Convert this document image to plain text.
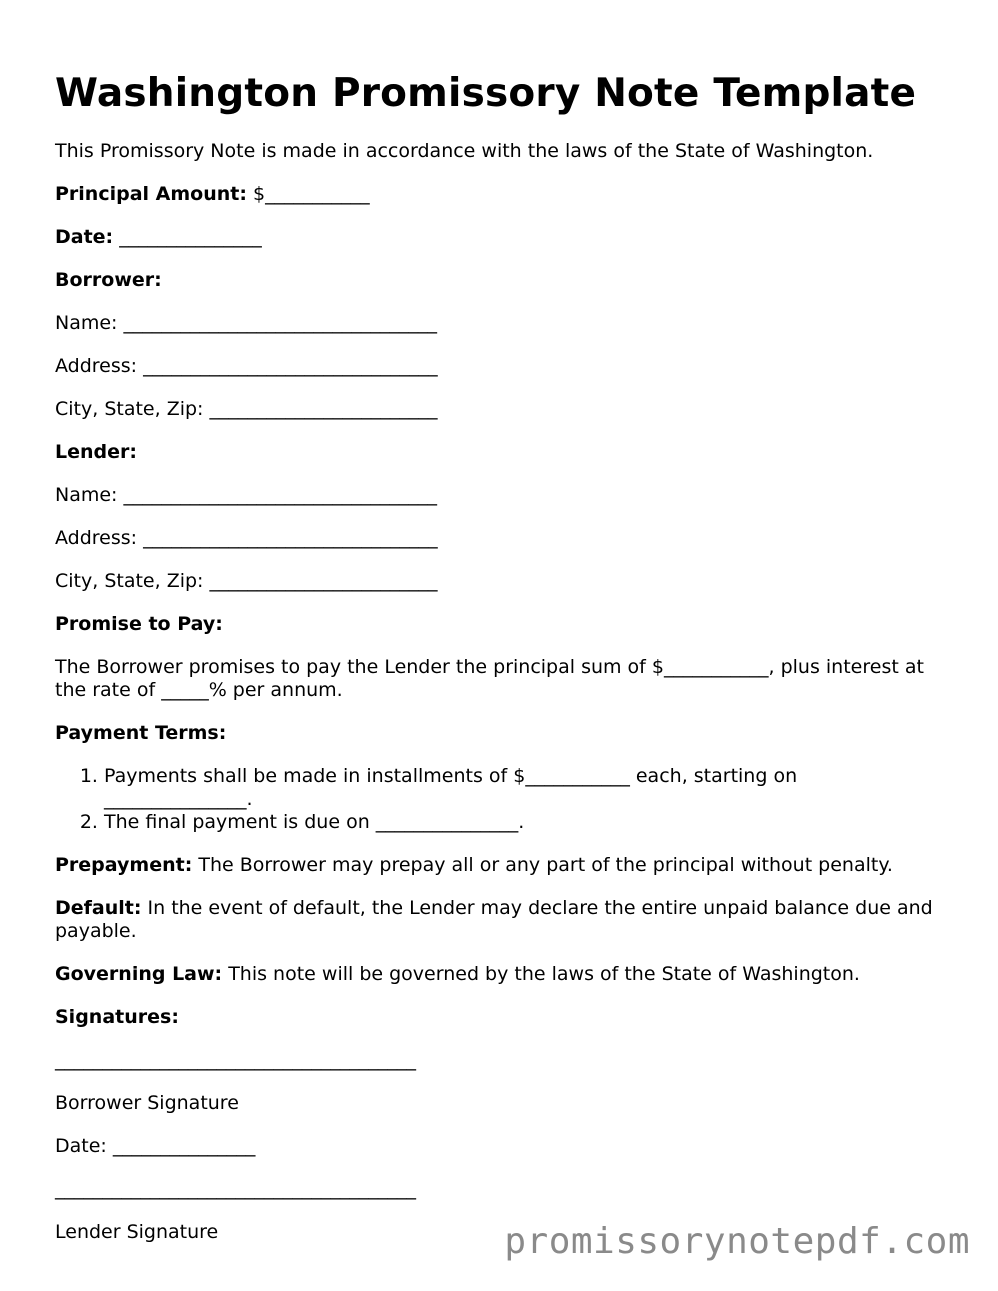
Washington Promissory Note Template

This Promissory Note is made in accordance with the laws of the State of Washington.

Principal Amount: $___________

Date: _______________

Borrower:

Name: _________________________________

Address: _______________________________

City, State, Zip: ________________________

Lender:

Name: _________________________________

Address: _______________________________

City, State, Zip: ________________________

Promise to Pay:

The Borrower promises to pay the Lender the principal sum of $___________, plus interest at the rate of _____% per annum.

Payment Terms:

1. Payments shall be made in installments of $___________ each, starting on _______________.
2. The final payment is due on _______________.

Prepayment: The Borrower may prepay all or any part of the principal without penalty.

Default: In the event of default, the Lender may declare the entire unpaid balance due and payable.

Governing Law: This note will be governed by the laws of the State of Washington.

Signatures:

______________________________________

Borrower Signature

Date: _______________

______________________________________

Lender Signature	promissorynotepdf.com
